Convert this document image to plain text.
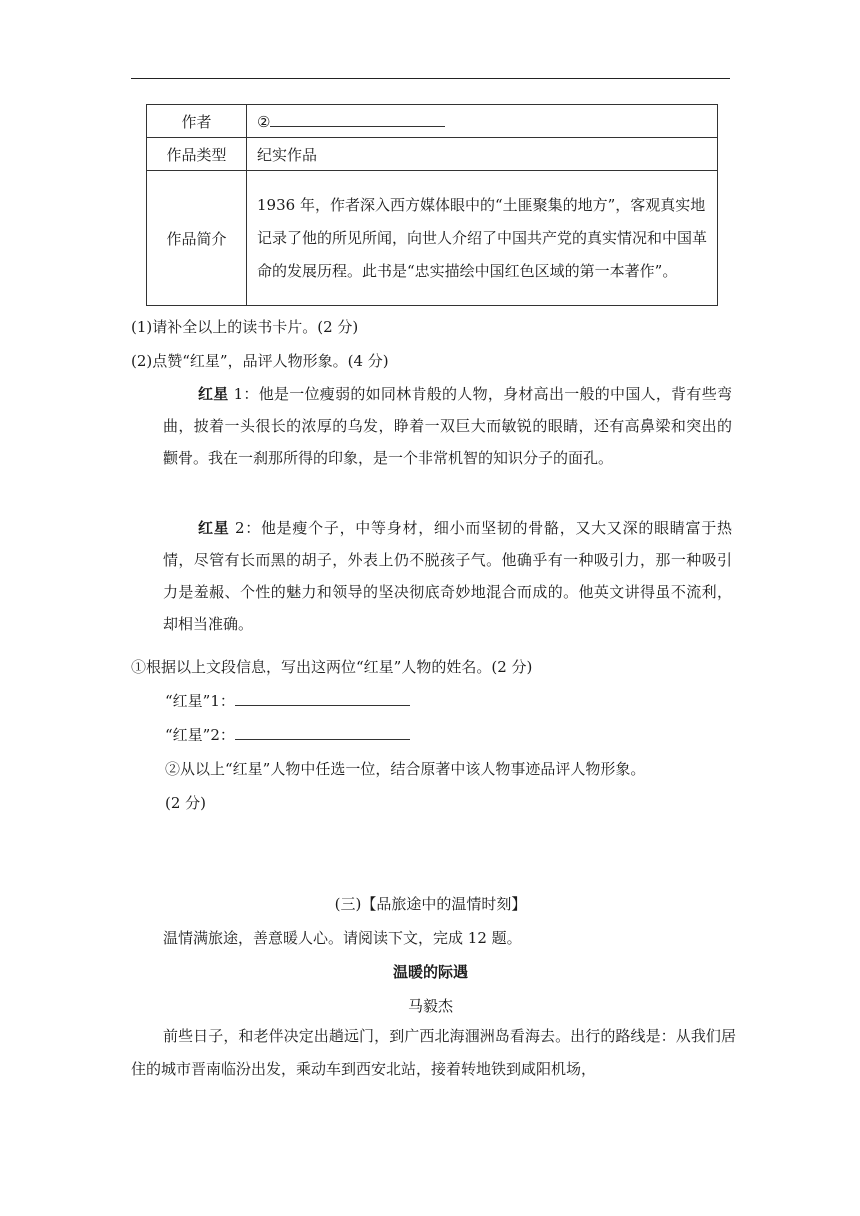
作者	②
作品类型	纪实作品
作品简介	1936 年，作者深入西方媒体眼中的“土匪聚集的地方”，客观真实地记录了他的所见所闻，向世人介绍了中国共产党的真实情况和中国革命的发展历程。此书是“忠实描绘中国红色区域的第一本著作”。
(1)请补全以上的读书卡片。(2 分)
(2)点赞“红星”，品评人物形象。(4 分)
红星 1：他是一位瘦弱的如同林肯般的人物，身材高出一般的中国人，背有些弯曲，披着一头很长的浓厚的乌发，睁着一双巨大而敏锐的眼睛，还有高鼻梁和突出的颧骨。我在一刹那所得的印象，是一个非常机智的知识分子的面孔。
红星 2：他是瘦个子，中等身材，细小而坚韧的骨骼，又大又深的眼睛富于热情，尽管有长而黑的胡子，外表上仍不脱孩子气。他确乎有一种吸引力，那一种吸引力是羞赧、个性的魅力和领导的坚决彻底奇妙地混合而成的。他英文讲得虽不流利，却相当准确。
①根据以上文段信息，写出这两位“红星”人物的姓名。(2 分)
“红星”1：
“红星”2：
②从以上“红星”人物中任选一位，结合原著中该人物事迹品评人物形象。
(2 分)
(三)【品旅途中的温情时刻】
温情满旅途，善意暖人心。请阅读下文，完成 12 题。
温暖的际遇
马毅杰
前些日子，和老伴决定出趟远门，到广西北海涠洲岛看海去。出行的路线是：从我们居住的城市晋南临汾出发，乘动车到西安北站，接着转地铁到咸阳机场，
